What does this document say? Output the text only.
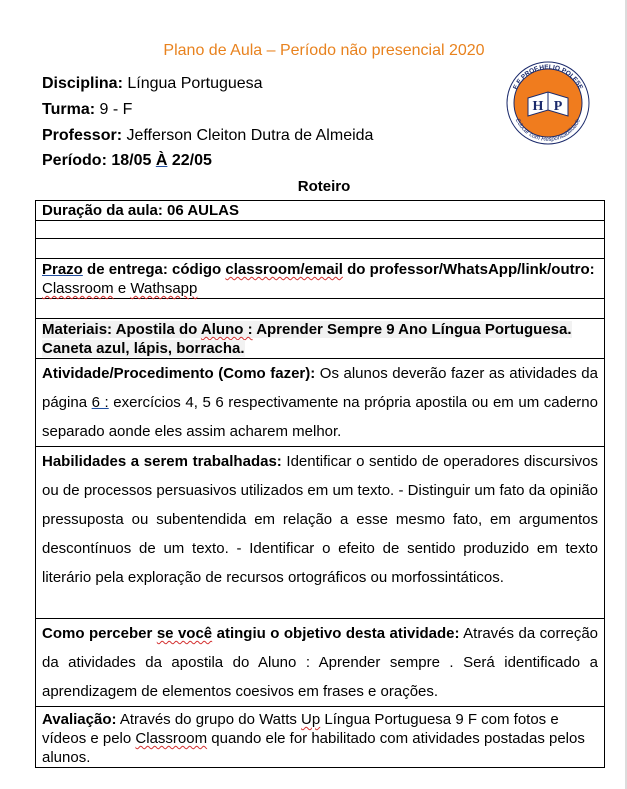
Plano de Aula – Período não presencial 2020
Disciplina: Língua Portuguesa
Turma: 9 - F
Professor: Jefferson Cleiton Dutra de Almeida
Período: 18/05 À 22/05
E.E.PROF.HELIO POLESE
Educar com Responsabilidade
H P
Roteiro
Duração da aula: 06 AULAS

Prazo de entrega: código classroom/email do professor/WhatsApp/link/outro: Classroom e Wathsapp

Materiais: Apostila do Aluno : Aprender Sempre 9 Ano Língua Portuguesa. Caneta azul, lápis, borracha.
Atividade/Procedimento (Como fazer): Os alunos deverão fazer as atividades da página 6 : exercícios 4, 5 6 respectivamente na própria apostila ou em um caderno separado aonde eles assim acharem melhor.
Habilidades a serem trabalhadas: Identificar o sentido de operadores discursivos ou de processos persuasivos utilizados em um texto. - Distinguir um fato da opinião pressuposta ou subentendida em relação a esse mesmo fato, em argumentos descontínuos de um texto. - Identificar o efeito de sentido produzido em texto literário pela exploração de recursos ortográficos ou morfossintáticos.
Como perceber se você atingiu o objetivo desta atividade: Através da correção da atividades da apostila do Aluno : Aprender sempre . Será identificado a aprendizagem de elementos coesivos em frases e orações.
Avaliação: Através do grupo do Watts Up Língua Portuguesa 9 F com fotos e vídeos e pelo Classroom quando ele for habilitado com atividades postadas pelos alunos.
